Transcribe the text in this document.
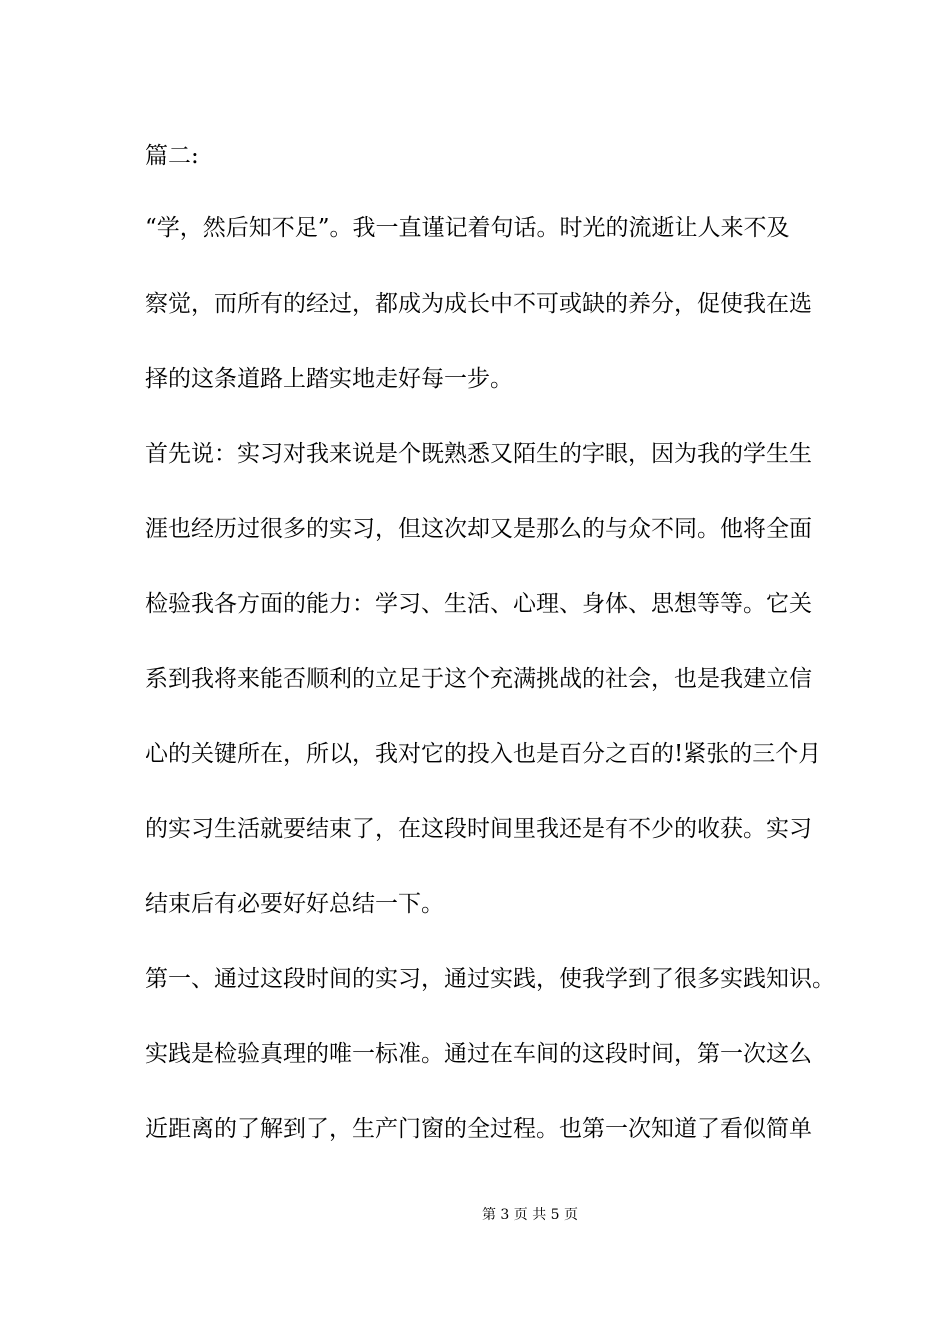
篇二:
“学，然后知不足”。我一直谨记着句话。时光的流逝让人来不及
察觉，而所有的经过，都成为成长中不可或缺的养分，促使我在选
择的这条道路上踏实地走好每一步。
首先说：实习对我来说是个既熟悉又陌生的字眼，因为我的学生生
涯也经历过很多的实习，但这次却又是那么的与众不同。他将全面
检验我各方面的能力：学习、生活、心理、身体、思想等等。它关
系到我将来能否顺利的立足于这个充满挑战的社会，也是我建立信
心的关键所在，所以，我对它的投入也是百分之百的!紧张的三个月
的实习生活就要结束了，在这段时间里我还是有不少的收获。实习
结束后有必要好好总结一下。
第一、通过这段时间的实习，通过实践，使我学到了很多实践知识。
实践是检验真理的唯一标准。通过在车间的这段时间，第一次这么
近距离的了解到了，生产门窗的全过程。也第一次知道了看似简单
第 3 页 共 5 页
